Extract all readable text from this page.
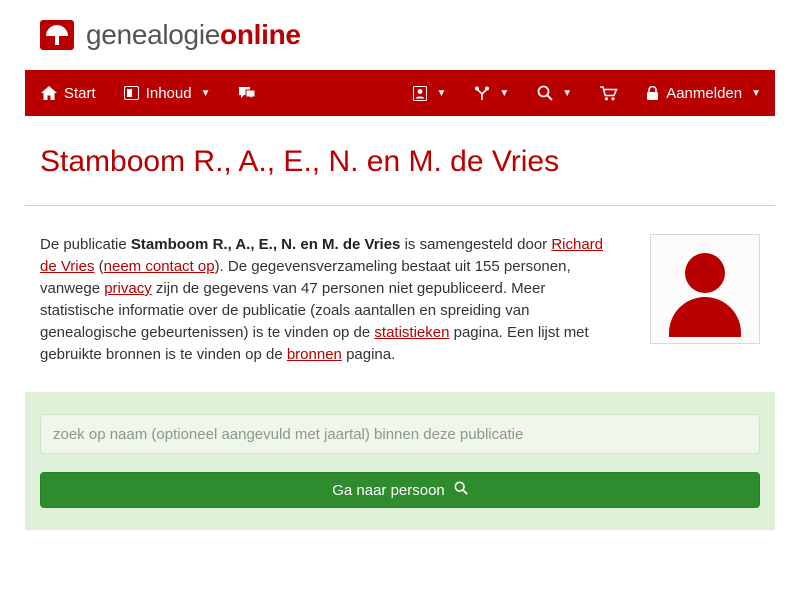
genealogieonline
Start	Inhoud ▼	▼	▼	▼	Aanmelden ▼
Stamboom R., A., E., N. en M. de Vries
De publicatie Stamboom R., A., E., N. en M. de Vries is samengesteld door Richard de Vries (neem contact op). De gegevensverzameling bestaat uit 155 personen, vanwege privacy zijn de gegevens van 47 personen niet gepubliceerd. Meer statistische informatie over de publicatie (zoals aantallen en spreiding van genealogische gebeurtenissen) is te vinden op de statistieken pagina. Een lijst met gebruikte bronnen is te vinden op de bronnen pagina.
zoek op naam (optioneel aangevuld met jaartal) binnen deze publicatie
Ga naar persoon
